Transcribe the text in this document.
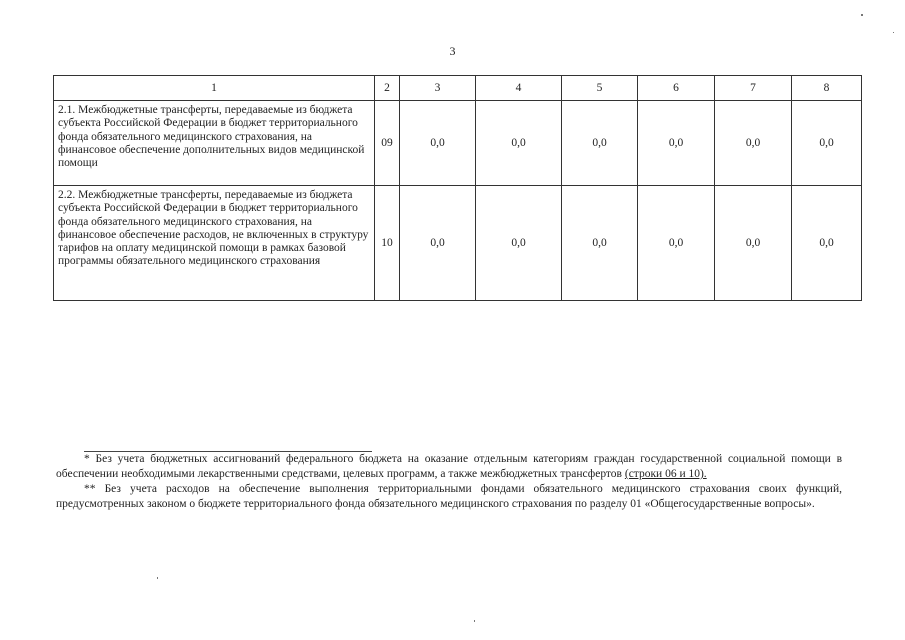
3
1	2	3	4	5	6	7	8
2.1. Межбюджетные трансферты, передаваемые из бюджета субъекта Российской Федерации в бюджет территориального фонда обязательного медицинского страхования, на финансовое обеспечение дополнительных видов медицинской помощи	09	0,0	0,0	0,0	0,0	0,0	0,0
2.2. Межбюджетные трансферты, передаваемые из бюджета субъекта Российской Федерации в бюджет территориального фонда обязательного медицинского страхования, на финансовое обеспечение расходов, не включенных в структуру тарифов на оплату медицинской помощи в рамках базовой программы обязательного медицинского страхования	10	0,0	0,0	0,0	0,0	0,0	0,0

* Без учета бюджетных ассигнований федерального бюджета на оказание отдельным категориям граждан государственной социальной помощи в обеспечении необходимыми лекарственными средствами, целевых программ, а также межбюджетных трансфертов (строки 06 и 10).

** Без учета расходов на обеспечение выполнения территориальными фондами обязательного медицинского страхования своих функций, предусмотренных законом о бюджете территориального фонда обязательного медицинского страхования по разделу 01 «Общегосударственные вопросы».
